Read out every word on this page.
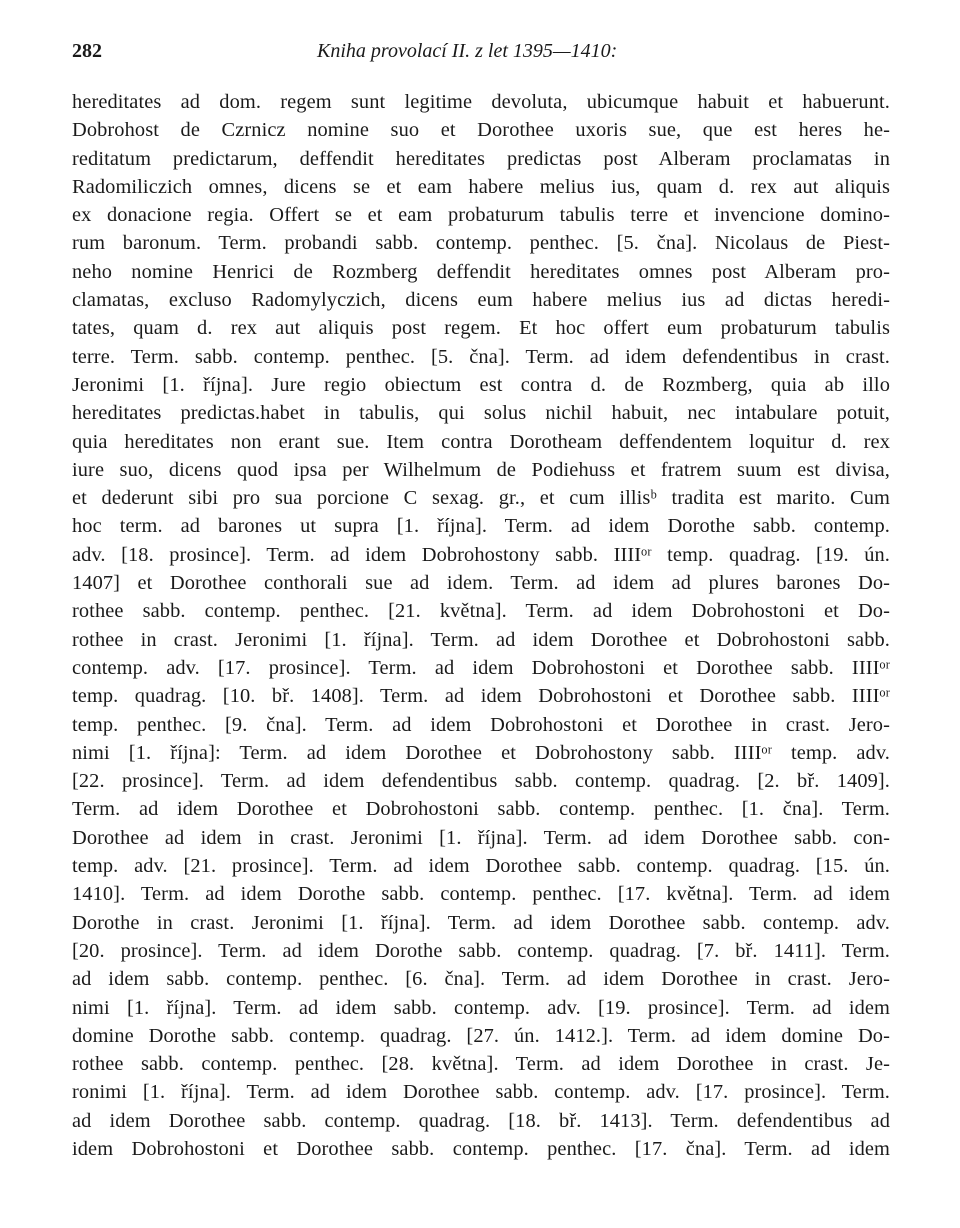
282	Kniha provolací II. z let 1395—1410:
hereditates ad dom. regem sunt legitime devoluta, ubicumque habuit et habuerunt.
Dobrohost de Czrnicz nomine suo et Dorothee uxoris sue, que est heres he-
reditatum predictarum, deffendit hereditates predictas post Alberam proclamatas in
Radomiliczich omnes, dicens se et eam habere melius ius, quam d. rex aut aliquis
ex donacione regia. Offert se et eam probaturum tabulis terre et invencione domino-
rum baronum. Term. probandi sabb. contemp. penthec. [5. čna]. Nicolaus de Piest-
neho nomine Henrici de Rozmberg deffendit hereditates omnes post Alberam pro-
clamatas, excluso Radomylyczich, dicens eum habere melius ius ad dictas heredi-
tates, quam d. rex aut aliquis post regem. Et hoc offert eum probaturum tabulis
terre. Term. sabb. contemp. penthec. [5. čna]. Term. ad idem defendentibus in crast.
Jeronimi [1. října]. Jure regio obiectum est contra d. de Rozmberg, quia ab illo
hereditates predictas.habet in tabulis, qui solus nichil habuit, nec intabulare potuit,
quia hereditates non erant sue. Item contra Dorotheam deffendentem loquitur d. rex
iure suo, dicens quod ipsa per Wilhelmum de Podiehuss et fratrem suum est divisa,
et dederunt sibi pro sua porcione C sexag. gr., et cum illisᵇ tradita est marito. Cum
hoc term. ad barones ut supra [1. října]. Term. ad idem Dorothe sabb. contemp.
adv. [18. prosince]. Term. ad idem Dobrohostony sabb. IIIIᵒʳ temp. quadrag. [19. ún.
1407] et Dorothee conthorali sue ad idem. Term. ad idem ad plures barones Do-
rothee sabb. contemp. penthec. [21. května]. Term. ad idem Dobrohostoni et Do-
rothee in crast. Jeronimi [1. října]. Term. ad idem Dorothee et Dobrohostoni sabb.
contemp. adv. [17. prosince]. Term. ad idem Dobrohostoni et Dorothee sabb. IIIIᵒʳ
temp. quadrag. [10. bř. 1408]. Term. ad idem Dobrohostoni et Dorothee sabb. IIIIᵒʳ
temp. penthec. [9. čna]. Term. ad idem Dobrohostoni et Dorothee in crast. Jero-
nimi [1. října]: Term. ad idem Dorothee et Dobrohostony sabb. IIIIᵒʳ temp. adv.
[22. prosince]. Term. ad idem defendentibus sabb. contemp. quadrag. [2. bř. 1409].
Term. ad idem Dorothee et Dobrohostoni sabb. contemp. penthec. [1. čna]. Term.
Dorothee ad idem in crast. Jeronimi [1. října]. Term. ad idem Dorothee sabb. con-
temp. adv. [21. prosince]. Term. ad idem Dorothee sabb. contemp. quadrag. [15. ún.
1410]. Term. ad idem Dorothe sabb. contemp. penthec. [17. května]. Term. ad idem
Dorothe in crast. Jeronimi [1. října]. Term. ad idem Dorothee sabb. contemp. adv.
[20. prosince]. Term. ad idem Dorothe sabb. contemp. quadrag. [7. bř. 1411]. Term.
ad idem sabb. contemp. penthec. [6. čna]. Term. ad idem Dorothee in crast. Jero-
nimi [1. října]. Term. ad idem sabb. contemp. adv. [19. prosince]. Term. ad idem
domine Dorothe sabb. contemp. quadrag. [27. ún. 1412.]. Term. ad idem domine Do-
rothee sabb. contemp. penthec. [28. května]. Term. ad idem Dorothee in crast. Je-
ronimi [1. října]. Term. ad idem Dorothee sabb. contemp. adv. [17. prosince]. Term.
ad idem Dorothee sabb. contemp. quadrag. [18. bř. 1413]. Term. defendentibus ad
idem Dobrohostoni et Dorothee sabb. contemp. penthec. [17. čna]. Term. ad idem
